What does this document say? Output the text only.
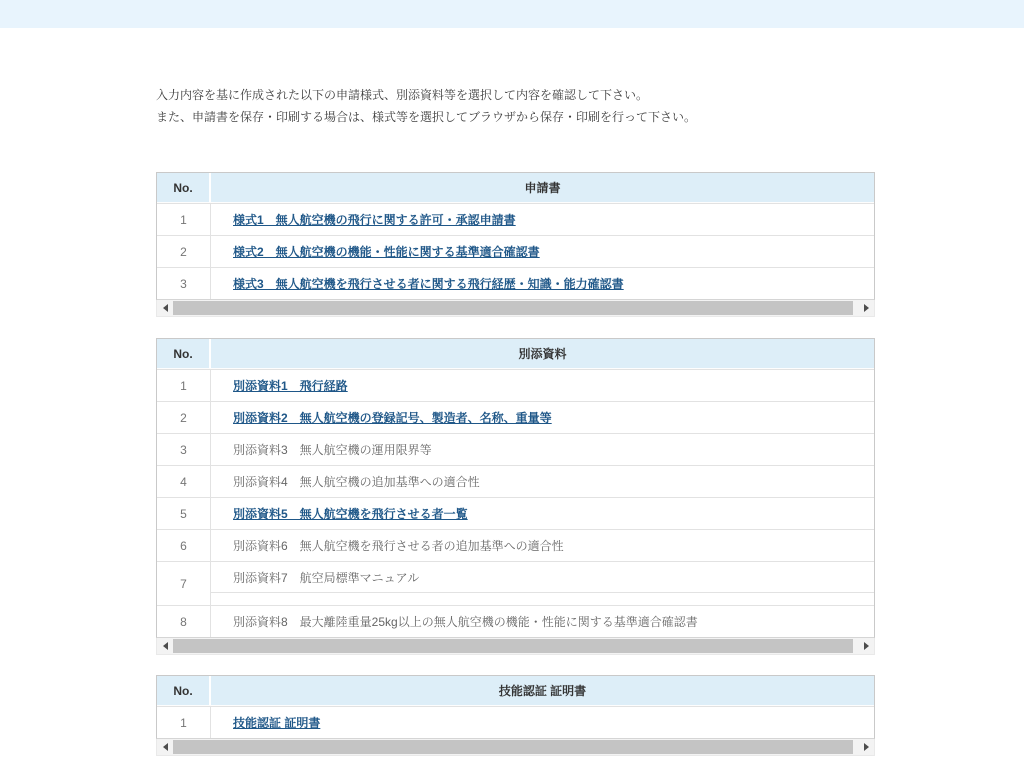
入力内容を基に作成された以下の申請様式、別添資料等を選択して内容を確認して下さい。

また、申請書を保存・印刷する場合は、様式等を選択してブラウザから保存・印刷を行って下さい。

No.	申請書
1	様式1　無人航空機の飛行に関する許可・承認申請書
2	様式2　無人航空機の機能・性能に関する基準適合確認書
3	様式3　無人航空機を飛行させる者に関する飛行経歴・知識・能力確認書
No.	別添資料
1	別添資料1　飛行経路
2	別添資料2　無人航空機の登録記号、製造者、名称、重量等
3	別添資料3　無人航空機の運用限界等
4	別添資料4　無人航空機の追加基準への適合性
5	別添資料5　無人航空機を飛行させる者一覧
6	別添資料6　無人航空機を飛行させる者の追加基準への適合性
7	別添資料7　航空局標準マニュアル
8	別添資料8　最大離陸重量25kg以上の無人航空機の機能・性能に関する基準適合確認書
No.	技能認証 証明書
1	技能認証 証明書
